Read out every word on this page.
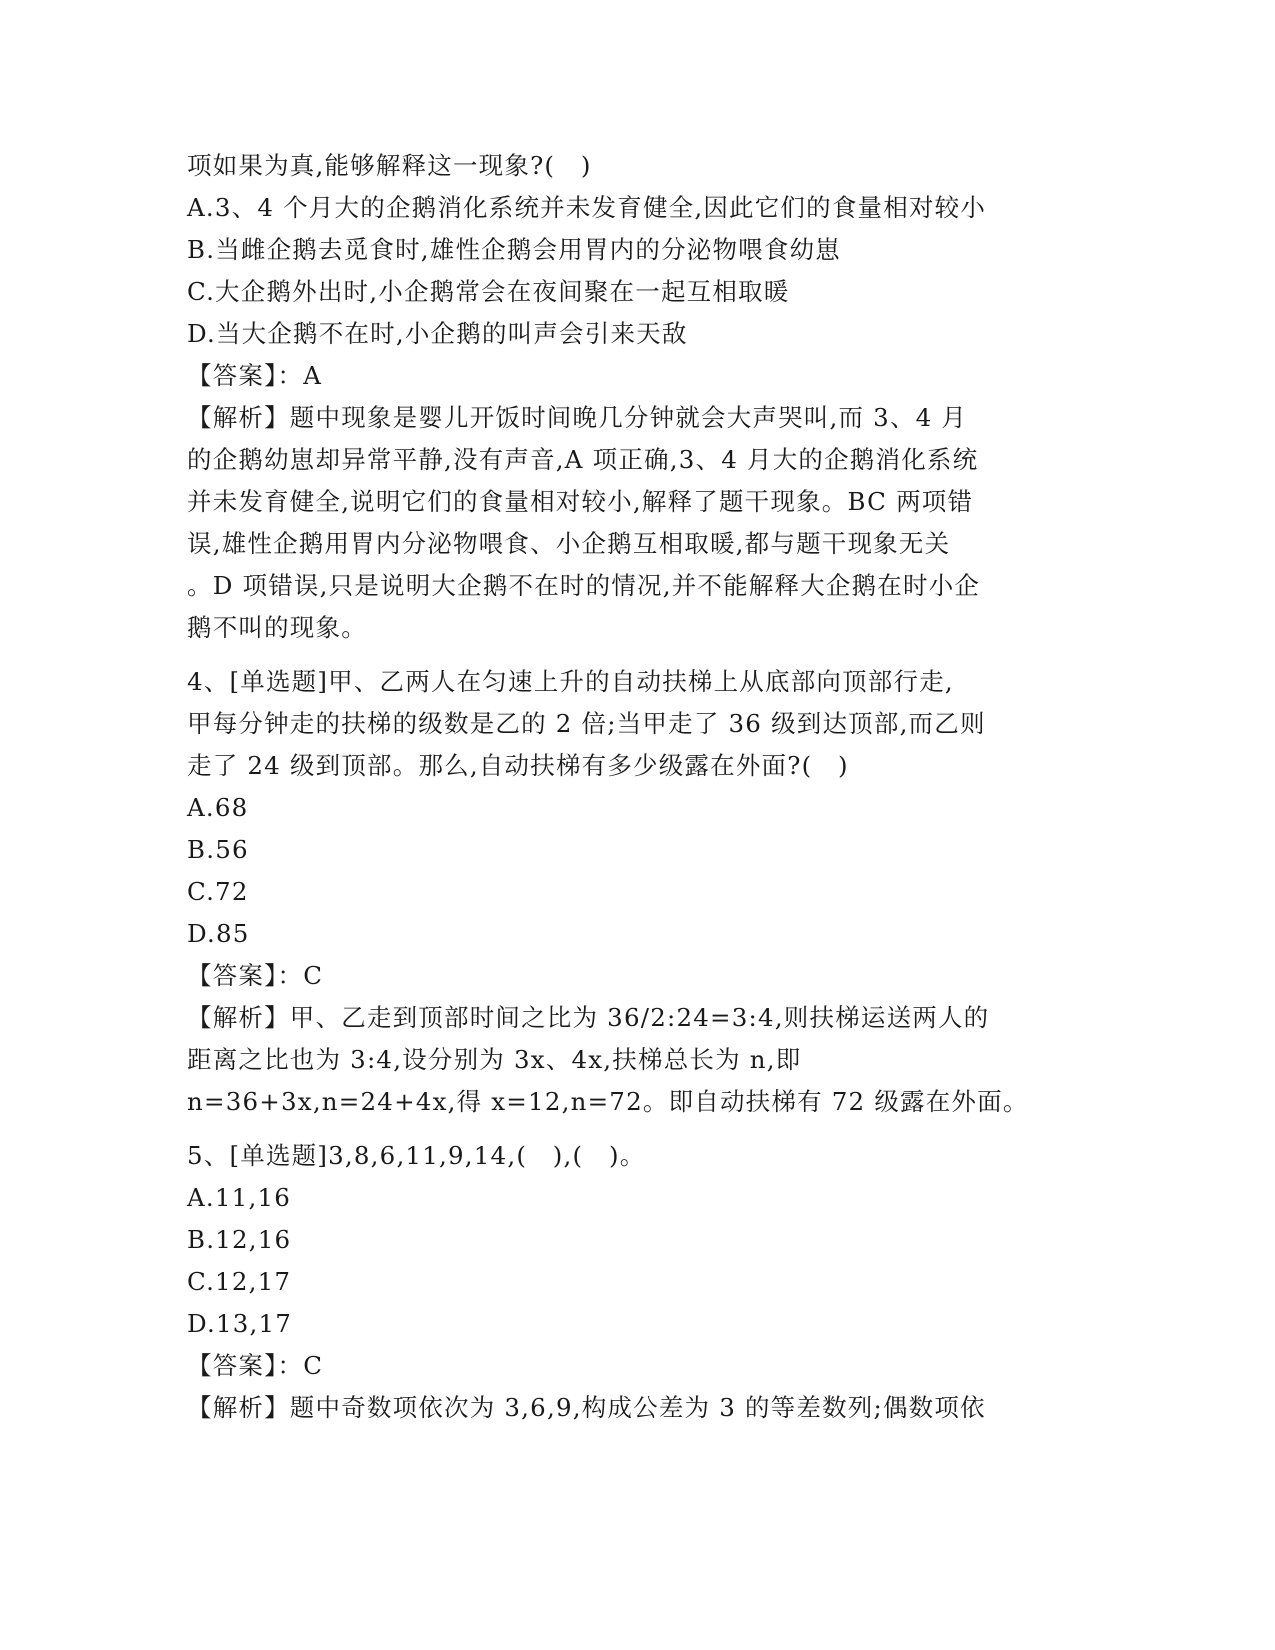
项如果为真,能够解释这一现象?(　)
A.3、4 个月大的企鹅消化系统并未发育健全,因此它们的食量相对较小
B.当雌企鹅去觅食时,雄性企鹅会用胃内的分泌物喂食幼崽
C.大企鹅外出时,小企鹅常会在夜间聚在一起互相取暖
D.当大企鹅不在时,小企鹅的叫声会引来天敌
【答案】：A
【解析】题中现象是婴儿开饭时间晚几分钟就会大声哭叫,而 3、4 月
的企鹅幼崽却异常平静,没有声音,A 项正确,3、4 月大的企鹅消化系统
并未发育健全,说明它们的食量相对较小,解释了题干现象。BC 两项错
误,雄性企鹅用胃内分泌物喂食、小企鹅互相取暖,都与题干现象无关
。D 项错误,只是说明大企鹅不在时的情况,并不能解释大企鹅在时小企
鹅不叫的现象。
4、[单选题]甲、乙两人在匀速上升的自动扶梯上从底部向顶部行走,
甲每分钟走的扶梯的级数是乙的 2 倍;当甲走了 36 级到达顶部,而乙则
走了 24 级到顶部。那么,自动扶梯有多少级露在外面?(　)
A.68
B.56
C.72
D.85
【答案】：C
【解析】甲、乙走到顶部时间之比为 36/2:24=3:4,则扶梯运送两人的
距离之比也为 3:4,设分别为 3x、4x,扶梯总长为 n,即
n=36+3x,n=24+4x,得 x=12,n=72。即自动扶梯有 72 级露在外面。
5、[单选题]3,8,6,11,9,14,(　),(　)。
A.11,16
B.12,16
C.12,17
D.13,17
【答案】：C
【解析】题中奇数项依次为 3,6,9,构成公差为 3 的等差数列;偶数项依
